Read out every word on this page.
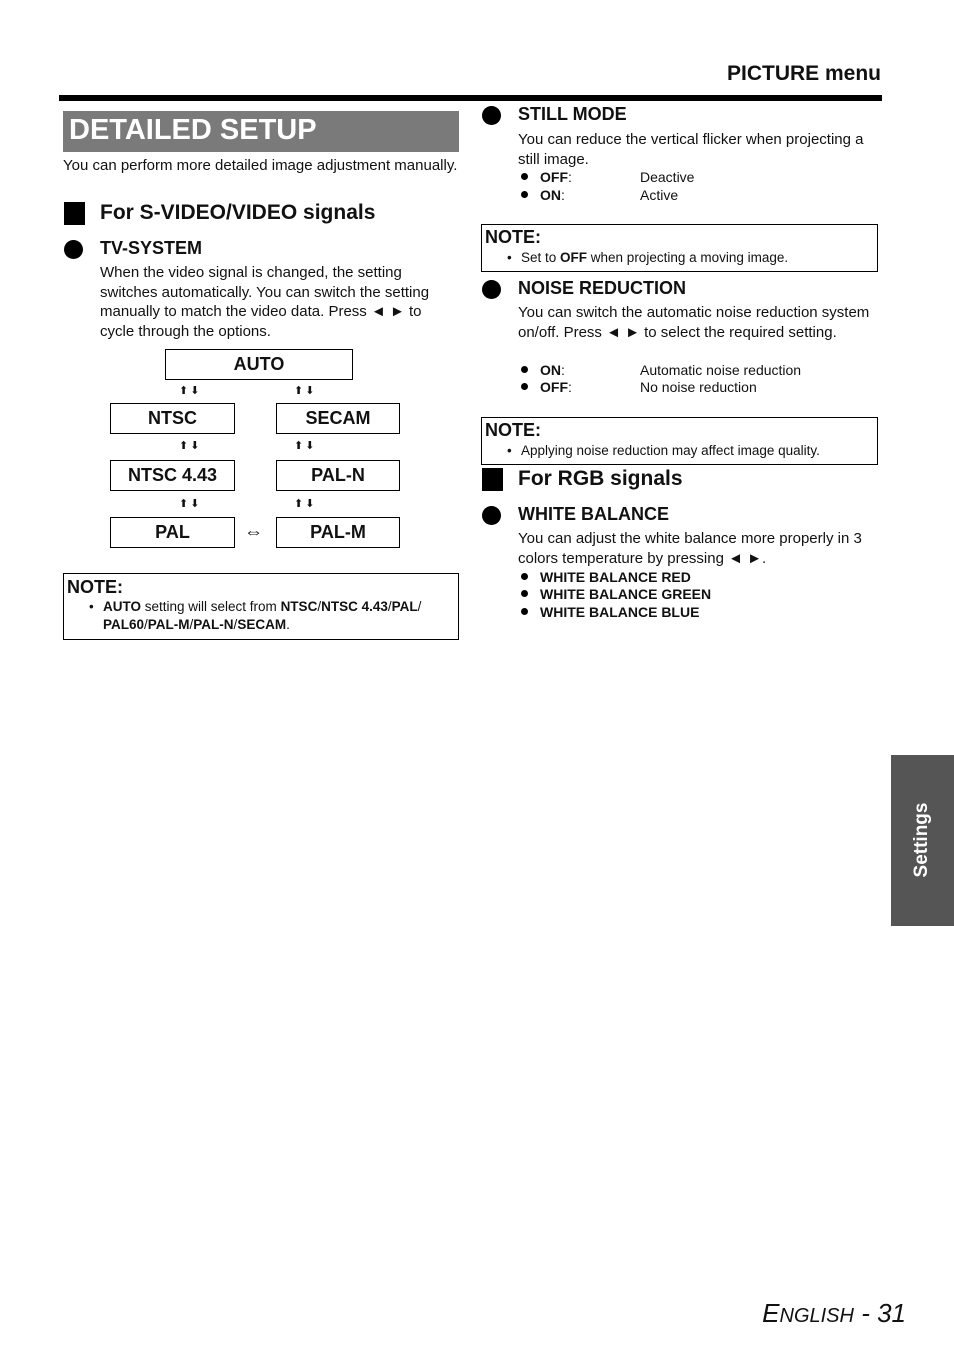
PICTURE menu
DETAILED SETUP
You can perform more detailed image adjustment manually.
For S-VIDEO/VIDEO signals
TV-SYSTEM
When the video signal is changed, the setting switches automatically. You can switch the setting manually to match the video data. Press ◄ ► to cycle through the options.
AUTO
⬆⬇	⬆⬇
NTSC	SECAM
⬆⬇	⬆⬇
NTSC 4.43	PAL-N
⬆⬇	⬆⬇
PAL	⇔	PAL-M
NOTE:
• AUTO setting will select from NTSC/NTSC 4.43/PAL/ PAL60/PAL-M/PAL-N/SECAM.
STILL MODE
You can reduce the vertical flicker when projecting a still image.
OFF:	Deactive
ON:	Active
NOTE:
• Set to OFF when projecting a moving image.
NOISE REDUCTION
You can switch the automatic noise reduction system on/off. Press ◄ ► to select the required setting.
ON:	Automatic noise reduction
OFF:	No noise reduction
NOTE:
• Applying noise reduction may affect image quality.
For RGB signals
WHITE BALANCE
You can adjust the white balance more properly in 3 colors temperature by pressing ◄ ►.
WHITE BALANCE RED
WHITE BALANCE GREEN
WHITE BALANCE BLUE
Settings
ENGLISH - 31
